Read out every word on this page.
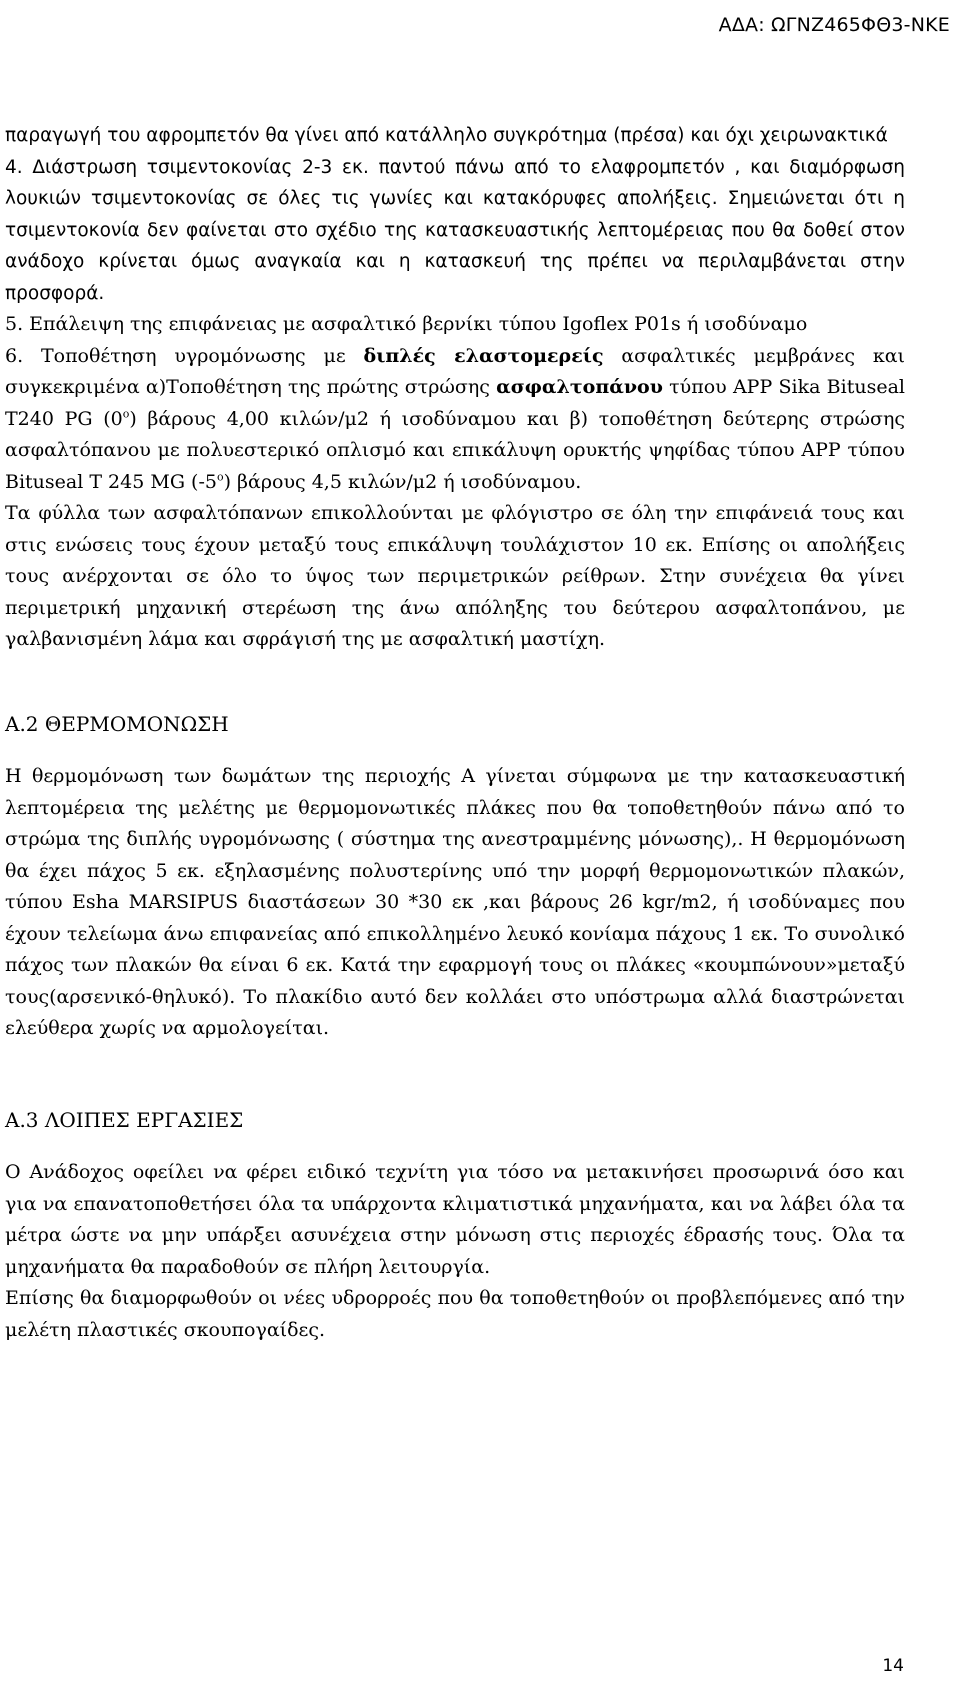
ΑΔΑ: ΩΓΝΖ465ΦΘ3-ΝΚΕ

παραγωγή του αφρομπετόν θα γίνει από κατάλληλο συγκρότημα (πρέσα) και όχι χειρωνακτικά

4. Διάστρωση τσιμεντοκονίας 2-3 εκ. παντού πάνω από το ελαφρομπετόν , και διαμόρφωση λουκιών τσιμεντοκονίας σε όλες τις γωνίες και κατακόρυφες απολήξεις. Σημειώνεται ότι η τσιμεντοκονία δεν φαίνεται στο σχέδιο της κατασκευαστικής λεπτομέρειας που θα δοθεί στον ανάδοχο κρίνεται όμως αναγκαία και η κατασκευή της πρέπει να περιλαμβάνεται στην προσφορά.

5. Επάλειψη της επιφάνειας με ασφαλτικό βερνίκι τύπου Igoflex P01s ή ισοδύναμο

6. Τοποθέτηση υγρομόνωσης με διπλές ελαστομερείς ασφαλτικές μεμβράνες και συγκεκριμένα α)Τοποθέτηση της πρώτης στρώσης ασφαλτοπάνου τύπου APP Sika Bituseal T240 PG $(0^o)$ βάρους 4,00 κιλών/μ2 ή ισοδύναμου και β) τοποθέτηση δεύτερης στρώσης ασφαλτόπανου με πολυεστερικό οπλισμό και επικάλυψη ορυκτής ψηφίδας τύπου APP τύπου Bituseal T 245 MG $(-5^o)$ βάρους 4,5 κιλών/μ2 ή ισοδύναμου.

Τα φύλλα των ασφαλτόπανων επικολλούνται με φλόγιστρο σε όλη την επιφάνειά τους και στις ενώσεις τους έχουν μεταξύ τους επικάλυψη τουλάχιστον 10 εκ. Επίσης οι απολήξεις τους ανέρχονται σε όλο το ύψος των περιμετρικών ρείθρων. Στην συνέχεια θα γίνει περιμετρική μηχανική στερέωση της άνω απόληξης του δεύτερου ασφαλτοπάνου, με γαλβανισμένη λάμα και σφράγισή της με ασφαλτική μαστίχη.

Α.2 ΘΕΡΜΟΜΟΝΩΣΗ

Η θερμομόνωση των δωμάτων της περιοχής Α γίνεται σύμφωνα με την κατασκευαστική λεπτομέρεια της μελέτης με θερμομονωτικές πλάκες που θα τοποθετηθούν πάνω από το στρώμα της διπλής υγρομόνωσης ( σύστημα της ανεστραμμένης μόνωσης),. Η θερμομόνωση θα έχει πάχος 5 εκ. εξηλασμένης πολυστερίνης υπό την μορφή θερμομονωτικών πλακών, τύπου Esha MARSIPUS διαστάσεων 30 *30 εκ ,και βάρους 26 kgr/m2, ή ισοδύναμες που έχουν τελείωμα άνω επιφανείας από επικολλημένο λευκό κονίαμα πάχους 1 εκ. Το συνολικό πάχος των πλακών θα είναι 6 εκ. Κατά την εφαρμογή τους οι πλάκες «κουμπώνουν»μεταξύ τους(αρσενικό-θηλυκό). Το πλακίδιο αυτό δεν κολλάει στο υπόστρωμα αλλά διαστρώνεται ελεύθερα χωρίς να αρμολογείται.

Α.3 ΛΟΙΠΕΣ ΕΡΓΑΣΙΕΣ

Ο Ανάδοχος οφείλει να φέρει ειδικό τεχνίτη για τόσο να μετακινήσει προσωρινά όσο και για να επανατοποθετήσει όλα τα υπάρχοντα κλιματιστικά μηχανήματα, και να λάβει όλα τα μέτρα ώστε να μην υπάρξει ασυνέχεια στην μόνωση στις περιοχές έδρασής τους. Όλα τα μηχανήματα θα παραδοθούν σε πλήρη λειτουργία.

Επίσης θα διαμορφωθούν οι νέες υδρορροές που θα τοποθετηθούν οι προβλεπόμενες από την μελέτη πλαστικές σκουπογαίδες.

14
